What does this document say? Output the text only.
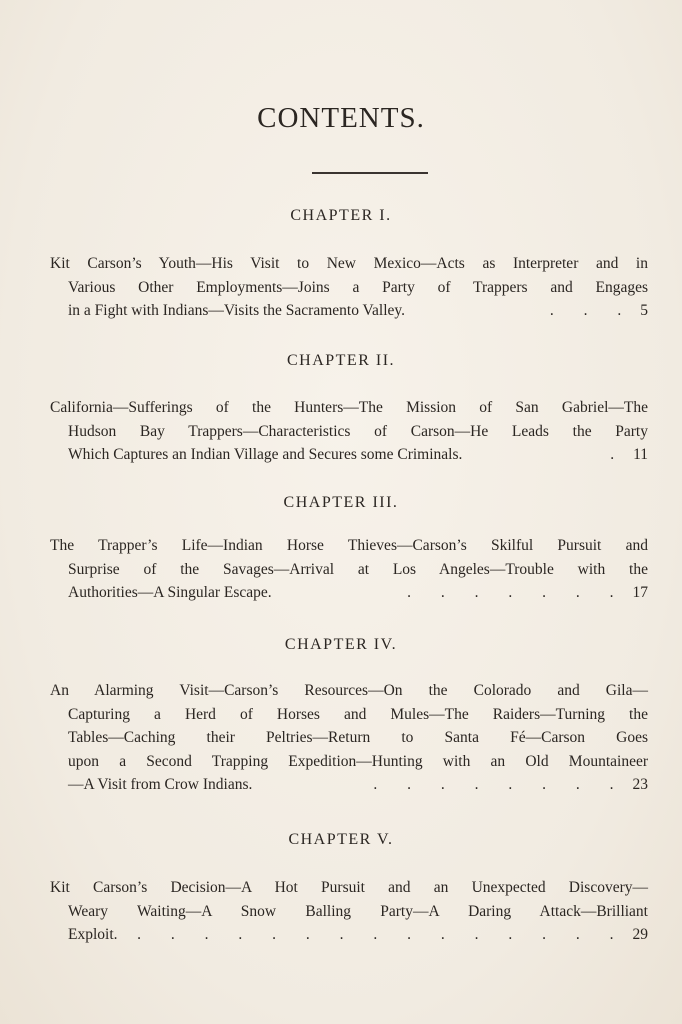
CONTENTS.
CHAPTER I.
Kit Carson’s Youth—His Visit to New Mexico—Acts as Interpreter and in
Various Other Employments—Joins a Party of Trappers and Engages
in a Fight with Indians—Visits the Sacramento Valley.	. . . 5
CHAPTER II.
California—Sufferings of the Hunters—The Mission of San Gabriel—The
Hudson Bay Trappers—Characteristics of Carson—He Leads the Party
Which Captures an Indian Village and Secures some Criminals.	. 11
CHAPTER III.
The Trapper’s Life—Indian Horse Thieves—Carson’s Skilful Pursuit and
Surprise of the Savages—Arrival at Los Angeles—Trouble with the
Authorities—A Singular Escape.	. . . . . . . 17
CHAPTER IV.
An Alarming Visit—Carson’s Resources—On the Colorado and Gila—
Capturing a Herd of Horses and Mules—The Raiders—Turning the
Tables—Caching their Peltries—Return to Santa Fé—Carson Goes
upon a Second Trapping Expedition—Hunting with an Old Mountaineer
—A Visit from Crow Indians.	. . . . . . . . 23
CHAPTER V.
Kit Carson’s Decision—A Hot Pursuit and an Unexpected Discovery—
Weary Waiting—A Snow Balling Party—A Daring Attack—Brilliant
Exploit.	. . . . . . . . . . . . . . . 29
